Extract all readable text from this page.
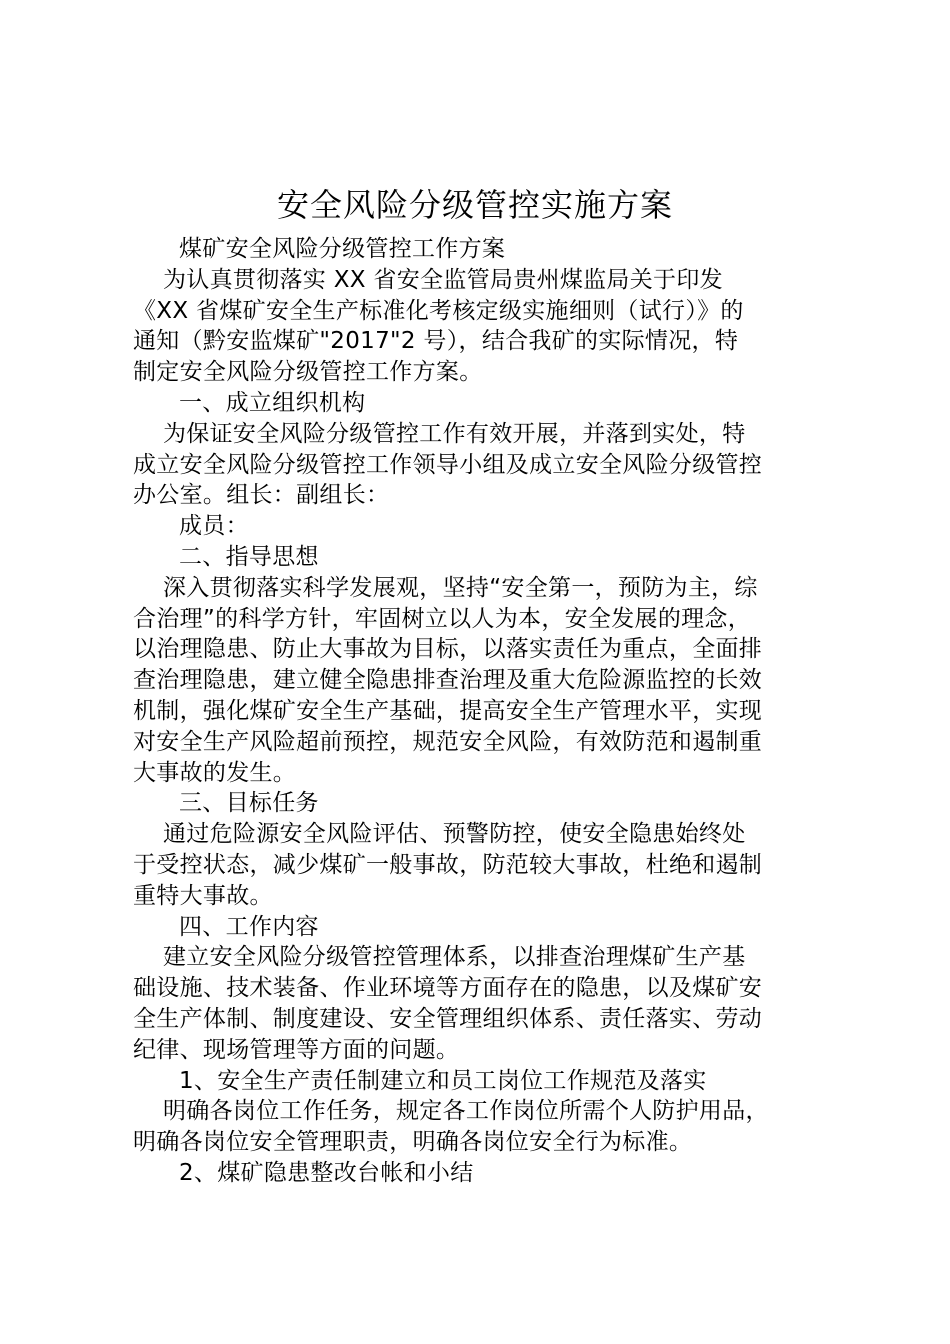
安全风险分级管控实施方案

煤矿安全风险分级管控工作方案

为认真贯彻落实 XX 省安全监管局贵州煤监局关于印发
《XX 省煤矿安全生产标准化考核定级实施细则（试行）》的
通知（黔安监煤矿"2017"2 号），结合我矿的实际情况，特
制定安全风险分级管控工作方案。

一、成立组织机构

为保证安全风险分级管控工作有效开展，并落到实处，特
成立安全风险分级管控工作领导小组及成立安全风险分级管控
办公室。组长：副组长：

成员：

二、指导思想

深入贯彻落实科学发展观，坚持“安全第一，预防为主，综
合治理”的科学方针，牢固树立以人为本，安全发展的理念，
以治理隐患、防止大事故为目标，以落实责任为重点，全面排
查治理隐患，建立健全隐患排查治理及重大危险源监控的长效
机制，强化煤矿安全生产基础，提高安全生产管理水平，实现
对安全生产风险超前预控，规范安全风险，有效防范和遏制重
大事故的发生。

三、目标任务

通过危险源安全风险评估、预警防控，使安全隐患始终处
于受控状态，减少煤矿一般事故，防范较大事故，杜绝和遏制
重特大事故。

四、工作内容

建立安全风险分级管控管理体系，以排查治理煤矿生产基
础设施、技术装备、作业环境等方面存在的隐患，以及煤矿安
全生产体制、制度建设、安全管理组织体系、责任落实、劳动
纪律、现场管理等方面的问题。

1、安全生产责任制建立和员工岗位工作规范及落实

明确各岗位工作任务，规定各工作岗位所需个人防护用品，
明确各岗位安全管理职责，明确各岗位安全行为标准。

2、煤矿隐患整改台帐和小结
